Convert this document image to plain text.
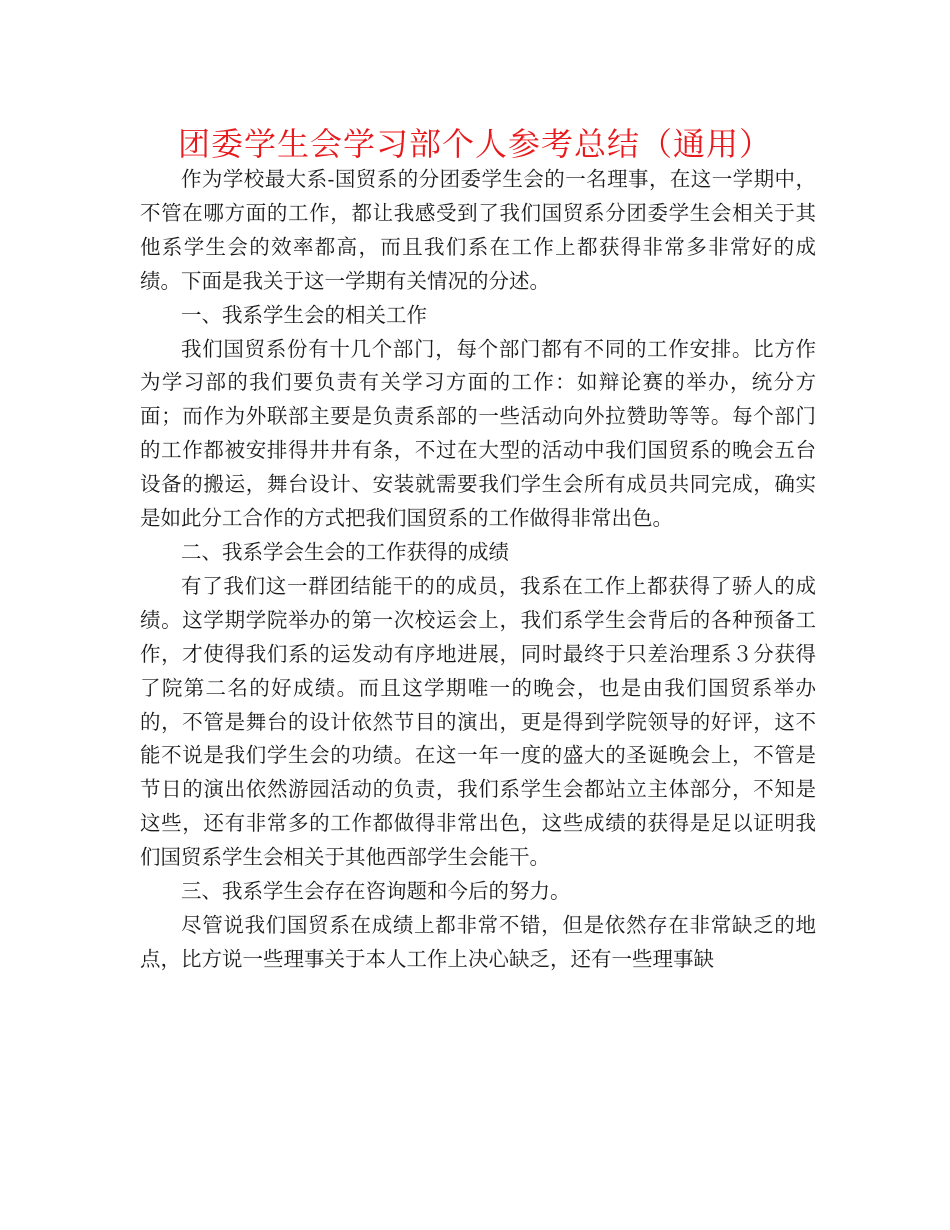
团委学生会学习部个人参考总结（通用）

作为学校最大系-国贸系的分团委学生会的一名理事，在这一学期中，不管在哪方面的工作，都让我感受到了我们国贸系分团委学生会相关于其他系学生会的效率都高，而且我们系在工作上都获得非常多非常好的成绩。下面是我关于这一学期有关情况的分述。

一、我系学生会的相关工作

我们国贸系份有十几个部门，每个部门都有不同的工作安排。比方作为学习部的我们要负责有关学习方面的工作：如辩论赛的举办，统分方面；而作为外联部主要是负责系部的一些活动向外拉赞助等等。每个部门的工作都被安排得井井有条，不过在大型的活动中我们国贸系的晚会五台设备的搬运，舞台设计、安装就需要我们学生会所有成员共同完成，确实是如此分工合作的方式把我们国贸系的工作做得非常出色。

二、我系学会生会的工作获得的成绩

有了我们这一群团结能干的的成员，我系在工作上都获得了骄人的成绩。这学期学院举办的第一次校运会上，我们系学生会背后的各种预备工作，才使得我们系的运发动有序地进展，同时最终于只差治理系３分获得了院第二名的好成绩。而且这学期唯一的晚会，也是由我们国贸系举办的，不管是舞台的设计依然节目的演出，更是得到学院领导的好评，这不能不说是我们学生会的功绩。在这一年一度的盛大的圣诞晚会上，不管是节日的演出依然游园活动的负责，我们系学生会都站立主体部分，不知是这些，还有非常多的工作都做得非常出色，这些成绩的获得是足以证明我们国贸系学生会相关于其他西部学生会能干。

三、我系学生会存在咨询题和今后的努力。

尽管说我们国贸系在成绩上都非常不错，但是依然存在非常缺乏的地点，比方说一些理事关于本人工作上决心缺乏，还有一些理事缺
